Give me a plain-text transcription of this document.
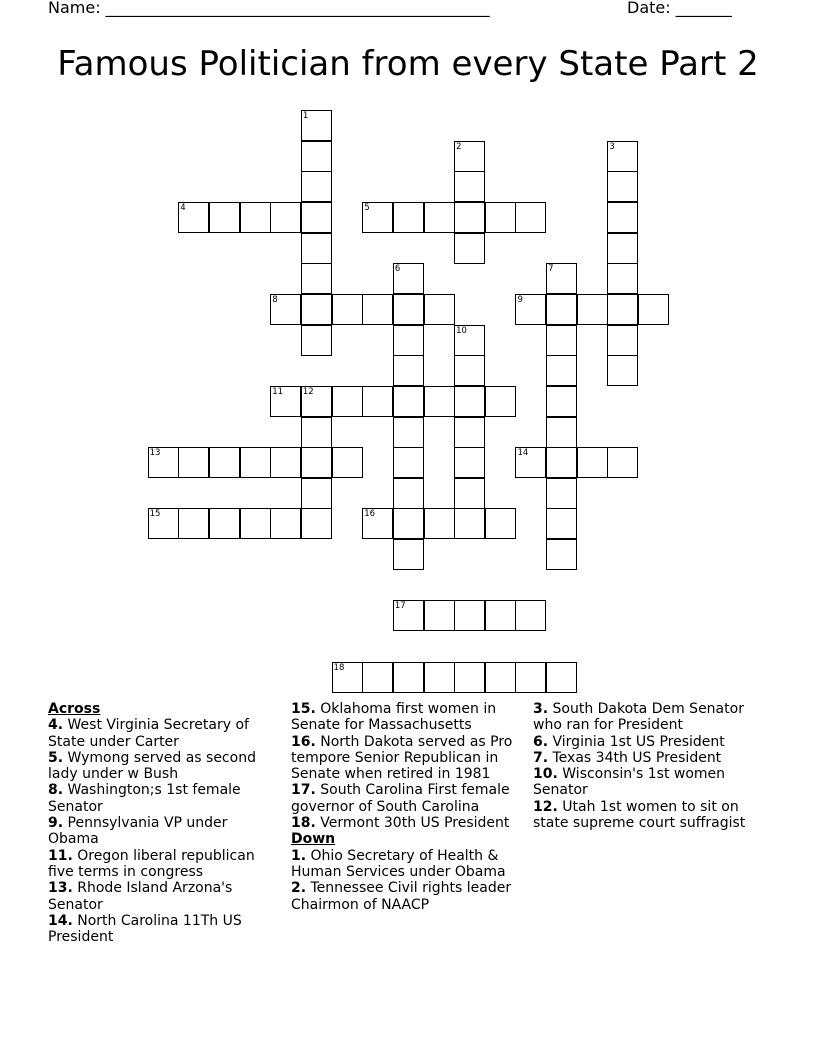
Name: ________________________________________________	Date: _______
Famous Politician from every State Part 2
4	5
8	9
11 12
13	14
15	16
17
18
1
2	3
6	7
10
Across

4. West Virginia Secretary of State under Carter

5. Wymong served as second lady under w Bush

8. Washington;s 1st female Senator

9. Pennsylvania VP under Obama

11. Oregon liberal republican five terms in congress

13. Rhode Island Arzona's Senator

14. North Carolina 11Th US President

15. Oklahoma first women in Senate for Massachusetts

16. North Dakota served as Pro tempore Senior Republican in Senate when retired in 1981

17. South Carolina First female governor of South Carolina

18. Vermont 30th US President

Down

1. Ohio Secretary of Health & Human Services under Obama

2. Tennessee Civil rights leader Chairmon of NAACP

3. South Dakota Dem Senator who ran for President

6. Virginia 1st US President

7. Texas 34th US President

10. Wisconsin's 1st women Senator

12. Utah 1st women to sit on state supreme court suffragist
